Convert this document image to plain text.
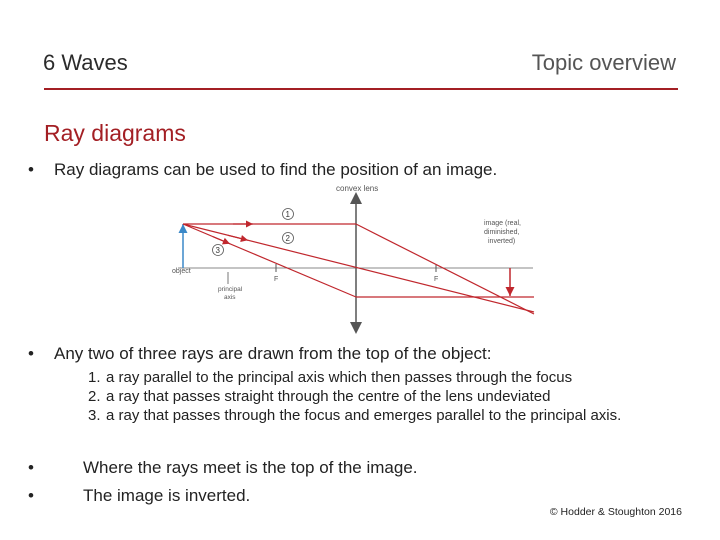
6 Waves	Topic overview
Ray diagrams
•	Ray diagrams can be used to find the position of an image.
convex lens
object
F	F
principal
axis
image (real,
diminished,
inverted)
1
2
3
•	Any two of three rays are drawn from the top of the object:
1. a ray parallel to the principal axis which then passes through the focus
2. a ray that passes straight through the centre of the lens undeviated
3. a ray that passes through the focus and emerges parallel to the principal axis.
•	Where the rays meet is the top of the image.
•	The image is inverted.
© Hodder & Stoughton 2016
